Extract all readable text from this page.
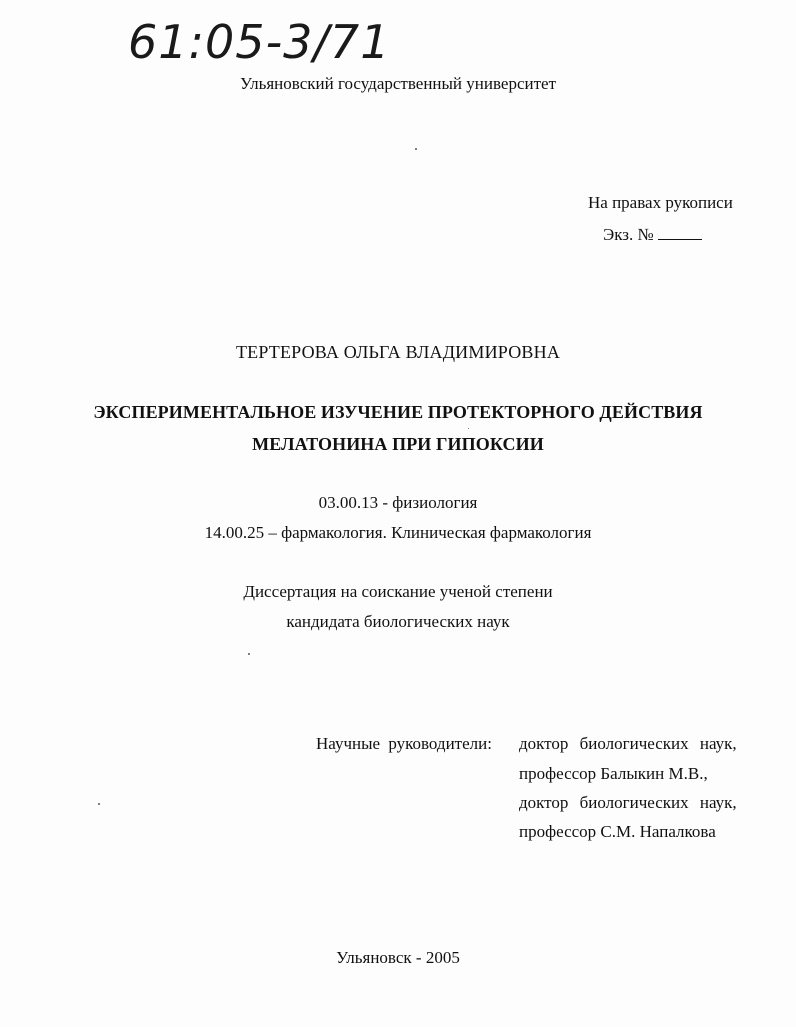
61:05-3/71
Ульяновский государственный университет
На правах рукописи
Экз. №
ТЕРТЕРОВА ОЛЬГА ВЛАДИМИРОВНА
ЭКСПЕРИМЕНТАЛЬНОЕ ИЗУЧЕНИЕ ПРОТЕКТОРНОГО ДЕЙСТВИЯ
МЕЛАТОНИНА ПРИ ГИПОКСИИ
03.00.13 - физиология
14.00.25 – фармакология. Клиническая фармакология
Диссертация на соискание ученой степени
кандидата биологических наук
Научные руководители: доктор биологических наук,
профессор Балыкин М.В.,
доктор биологических наук,
профессор С.М. Напалкова
Ульяновск - 2005
